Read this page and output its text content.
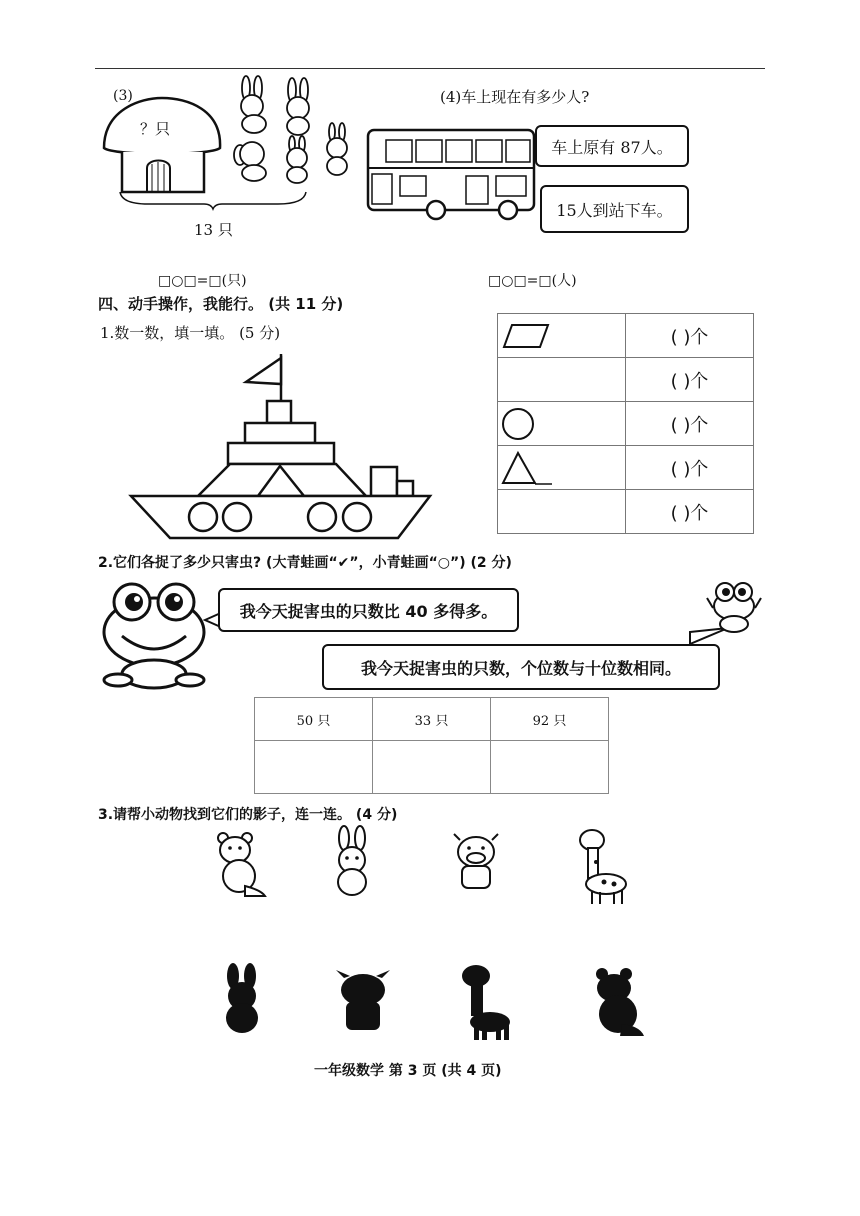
(3)
？只
13 只
□○□=□(只)
(4)车上现在有多少人?
车上原有 87人。
15人到站下车。
□○□=□(人)
四、动手操作，我能行。 (共 11 分)
1.数一数，填一填。 (5 分)
		( )个
	( )个
	( )个
	( )个
	( )个
2.它们各捉了多少只害虫? (大青蛙画“✔”，小青蛙画“○”) (2 分)
我今天捉害虫的只数比 40 多得多。
我今天捉害虫的只数，个位数与十位数相同。
50 只	33 只	92 只

3.请帮小动物找到它们的影子，连一连。 (4 分)
一年级数学 第 3 页 (共 4 页)
